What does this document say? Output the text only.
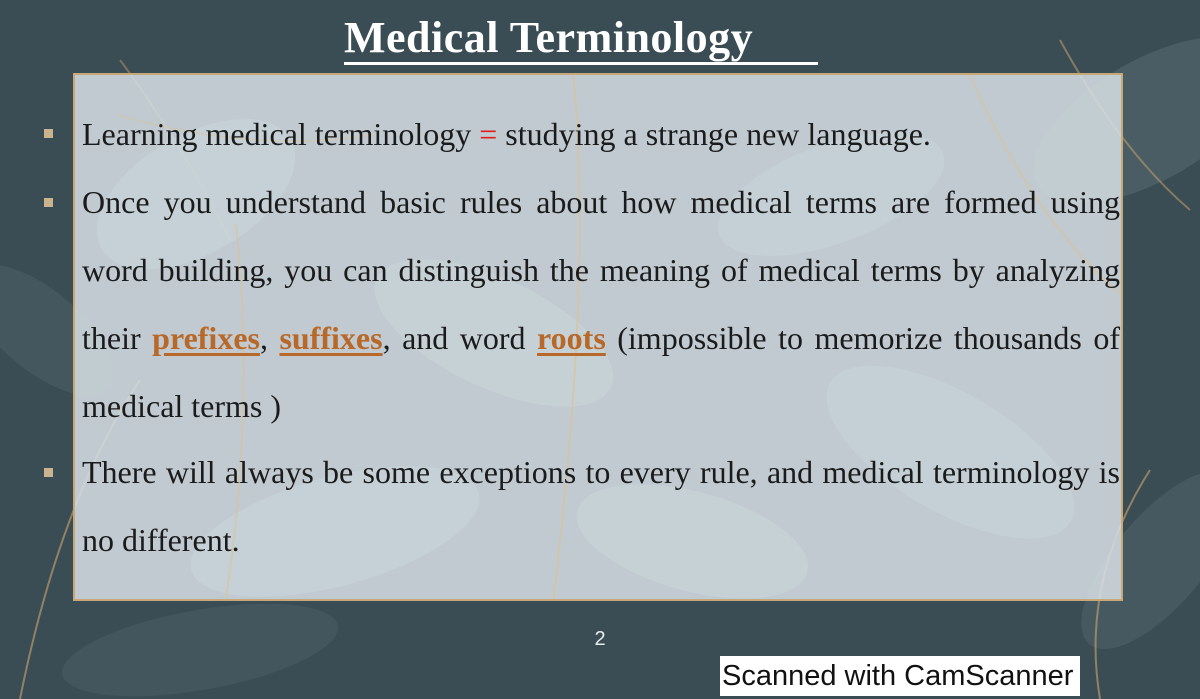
Medical Terminology
Learning medical terminology = studying a strange new language.
Once you understand basic rules about how medical terms are formed using word building, you can distinguish the meaning of medical terms by analyzing their prefixes, suffixes, and word roots (impossible to memorize thousands of medical terms )
There will always be some exceptions to every rule, and medical terminology is no different.
2
Scanned with CamScanner
